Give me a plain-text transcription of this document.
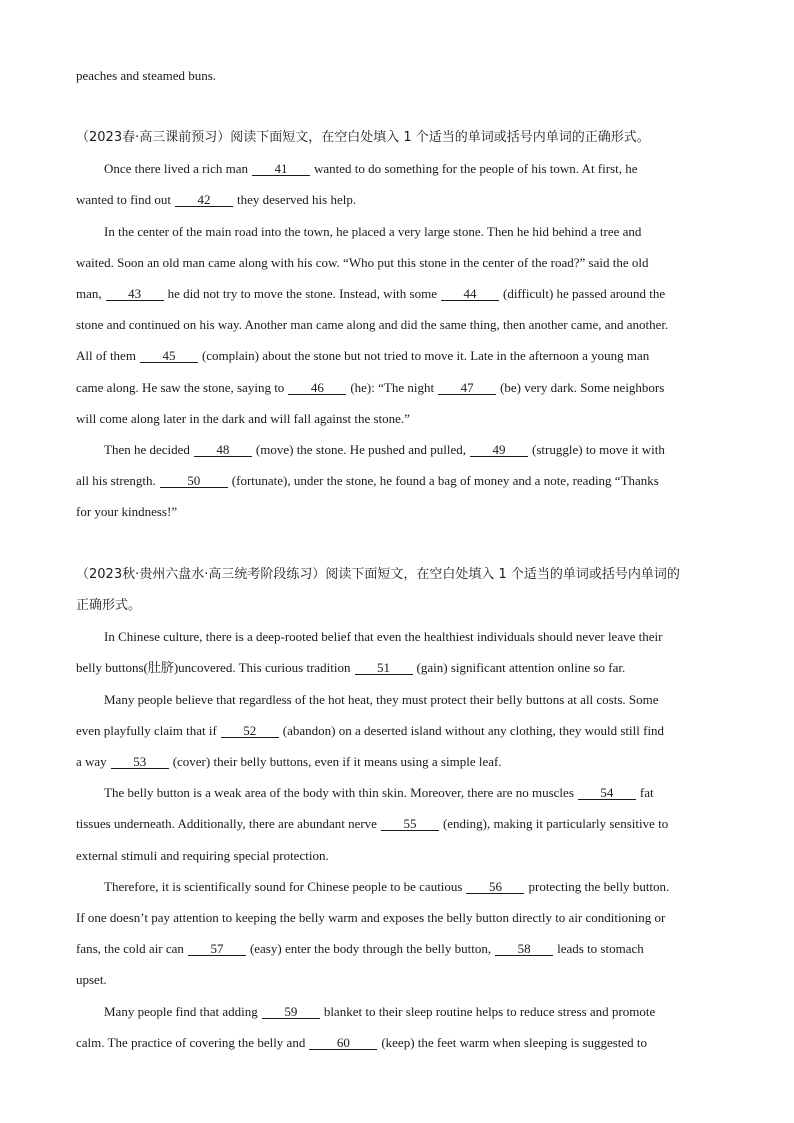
peaches and steamed buns.
（2023春·高三课前预习）阅读下面短文，在空白处填入 1 个适当的单词或括号内单词的正确形式。
Once there lived a rich man 41 wanted to do something for the people of his town. At first, he
wanted to find out 42 they deserved his help.
In the center of the main road into the town, he placed a very large stone. Then he hid behind a tree and
waited. Soon an old man came along with his cow. “Who put this stone in the center of the road?” said the old
man, 43 he did not try to move the stone. Instead, with some 44 (difficult) he passed around the
stone and continued on his way. Another man came along and did the same thing, then another came, and another.
All of them 45 (complain) about the stone but not tried to move it. Late in the afternoon a young man
came along. He saw the stone, saying to 46 (he): “The night 47 (be) very dark. Some neighbors
will come along later in the dark and will fall against the stone.”
Then he decided 48 (move) the stone. He pushed and pulled, 49 (struggle) to move it with
all his strength. 50 (fortunate), under the stone, he found a bag of money and a note, reading “Thanks
for your kindness!”
（2023秋·贵州六盘水·高三统考阶段练习）阅读下面短文，在空白处填入 1 个适当的单词或括号内单词的
正确形式。
In Chinese culture, there is a deep-rooted belief that even the healthiest individuals should never leave their
belly buttons(肚脐)uncovered. This curious tradition 51 (gain) significant attention online so far.
Many people believe that regardless of the hot heat, they must protect their belly buttons at all costs. Some
even playfully claim that if 52 (abandon) on a deserted island without any clothing, they would still find
a way 53 (cover) their belly buttons, even if it means using a simple leaf.
The belly button is a weak area of the body with thin skin. Moreover, there are no muscles 54 fat
tissues underneath. Additionally, there are abundant nerve 55 (ending), making it particularly sensitive to
external stimuli and requiring special protection.
Therefore, it is scientifically sound for Chinese people to be cautious 56 protecting the belly button.
If one doesn’t pay attention to keeping the belly warm and exposes the belly button directly to air conditioning or
fans, the cold air can 57 (easy) enter the body through the belly button, 58 leads to stomach
upset.
Many people find that adding 59 blanket to their sleep routine helps to reduce stress and promote
calm. The practice of covering the belly and 60 (keep) the feet warm when sleeping is suggested to
